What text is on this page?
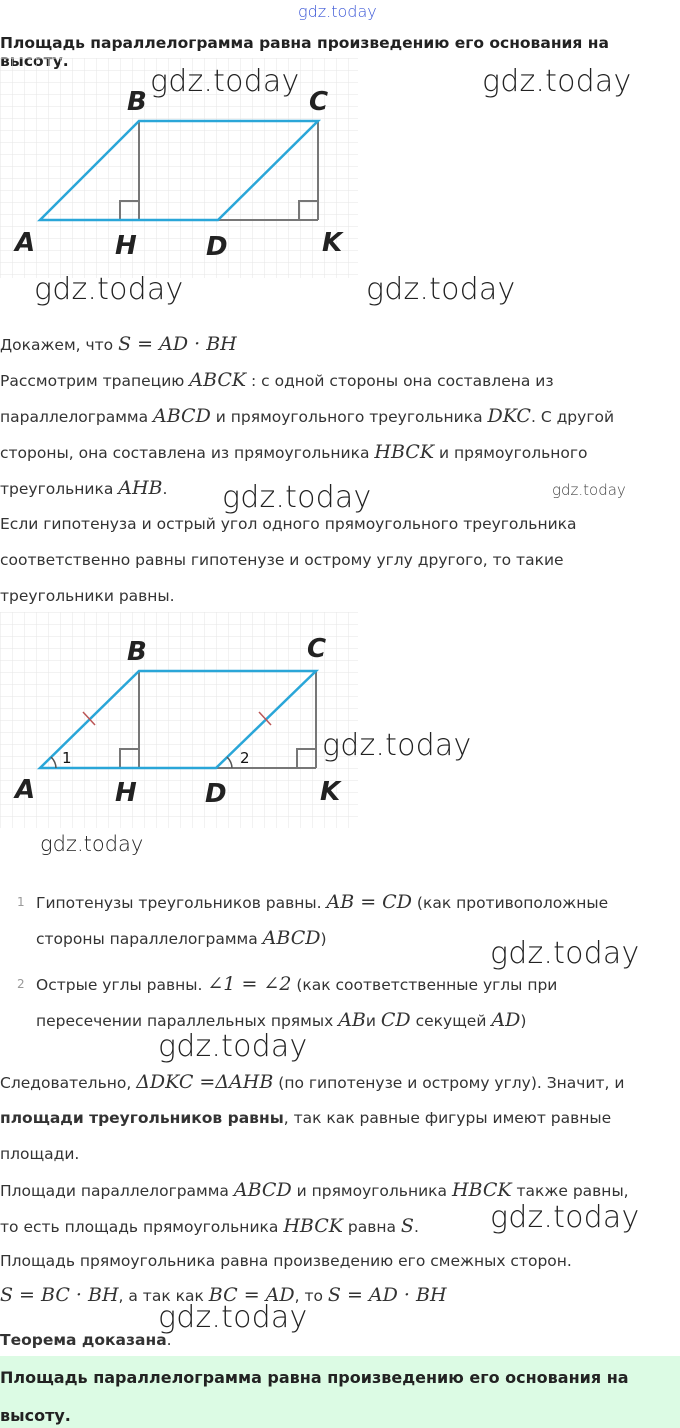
gdz.today
Площадь параллелограмма равна произведению его основания на
A
B	C
H	D	K
gdz.today	gdz.today
gdz.today	gdz.today
Докажем, что S = AD · BH
Рассмотрим трапецию ABCK : с одной стороны она составлена из
параллелограмма ABCD и прямоугольного треугольника DKC. С другой
стороны, она составлена из прямоугольника HBCK и прямоугольного
треугольника AHB. gdz.today	gdz.today
Если гипотенуза и острый угол одного прямоугольного треугольника
соответственно равны гипотенузе и острому углу другого, то такие
треугольники равны.
1	2
A
B	C
H	D	K
gdz.today
gdz.today
1 Гипотенузы треугольников равны. AB = CD (как противоположные
стороны параллелограмма ABCD)	gdz.today
2 Острые углы равны. ∠1 = ∠2 (как соответственные углы при
пересечении параллельных прямых ABи CD секущей AD)
gdz.today
Следовательно, ΔDKC =ΔAHB (по гипотенузе и острому углу). Значит, и
площади треугольников равны, так как равные фигуры имеют равные
площади.
Площади параллелограмма ABCD и прямоугольника HBCK также равны,
то есть площадь прямоугольника HBCK равна S. gdz.today
Площадь прямоугольника равна произведению его смежных сторон.
S = BC · BH, а так как BC = AD, то S = AD · BH
gdz.today
Теорема доказана.
Площадь параллелограмма равна произведению его основания на
высоту.
